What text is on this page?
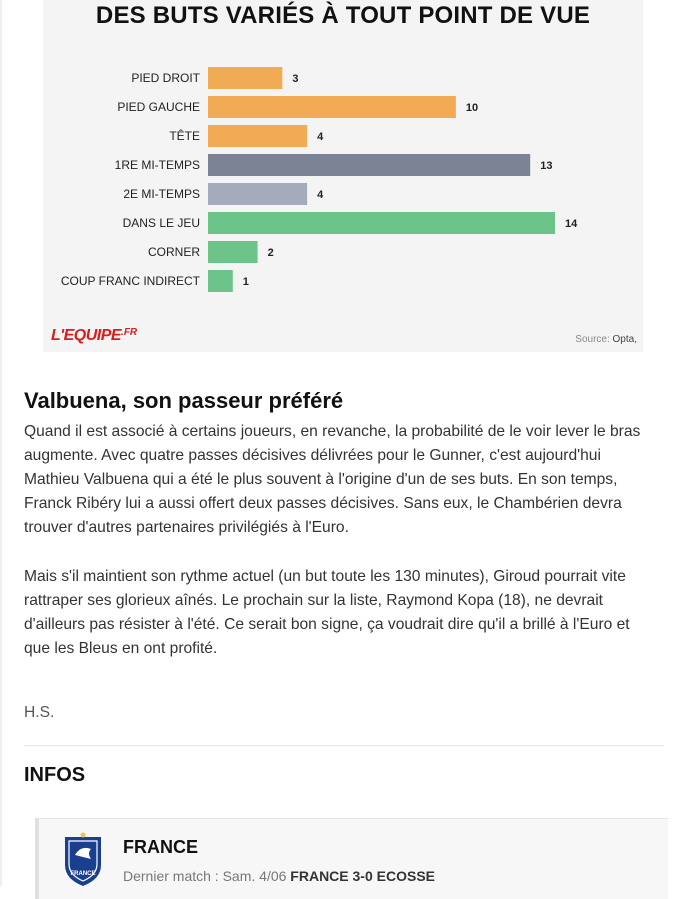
DES BUTS VARIÉS À TOUT POINT DE VUE
PIED DROIT	3
PIED GAUCHE	10
TÊTE	4
1RE MI-TEMPS	13
2E MI-TEMPS	4
DANS LE JEU	14
CORNER	2
COUP FRANC INDIRECT	1
$L'EQUIPE^{.FR}$
Source: Opta,
Valbuena, son passeur préféré

Quand il est associé à certains joueurs, en revanche, la probabilité de le voir lever le bras augmente. Avec quatre passes décisives délivrées pour le Gunner, c'est aujourd'hui Mathieu Valbuena qui a été le plus souvent à l'origine d'un de ses buts. En son temps, Franck Ribéry lui a aussi offert deux passes décisives. Sans eux, le Chambérien devra trouver d'autres partenaires privilégiés à l'Euro.

Mais s'il maintient son rythme actuel (un but toute les 130 minutes), Giroud pourrait vite rattraper ses glorieux aînés. Le prochain sur la liste, Raymond Kopa (18), ne devrait d'ailleurs pas résister à l'été. Ce serait bon signe, ça voudrait dire qu'il a brillé à l'Euro et que les Bleus en ont profité.

H.S.
INFOS
FRANCE
FRANCE
Dernier match : Sam. 4/06 FRANCE 3-0 ECOSSE
